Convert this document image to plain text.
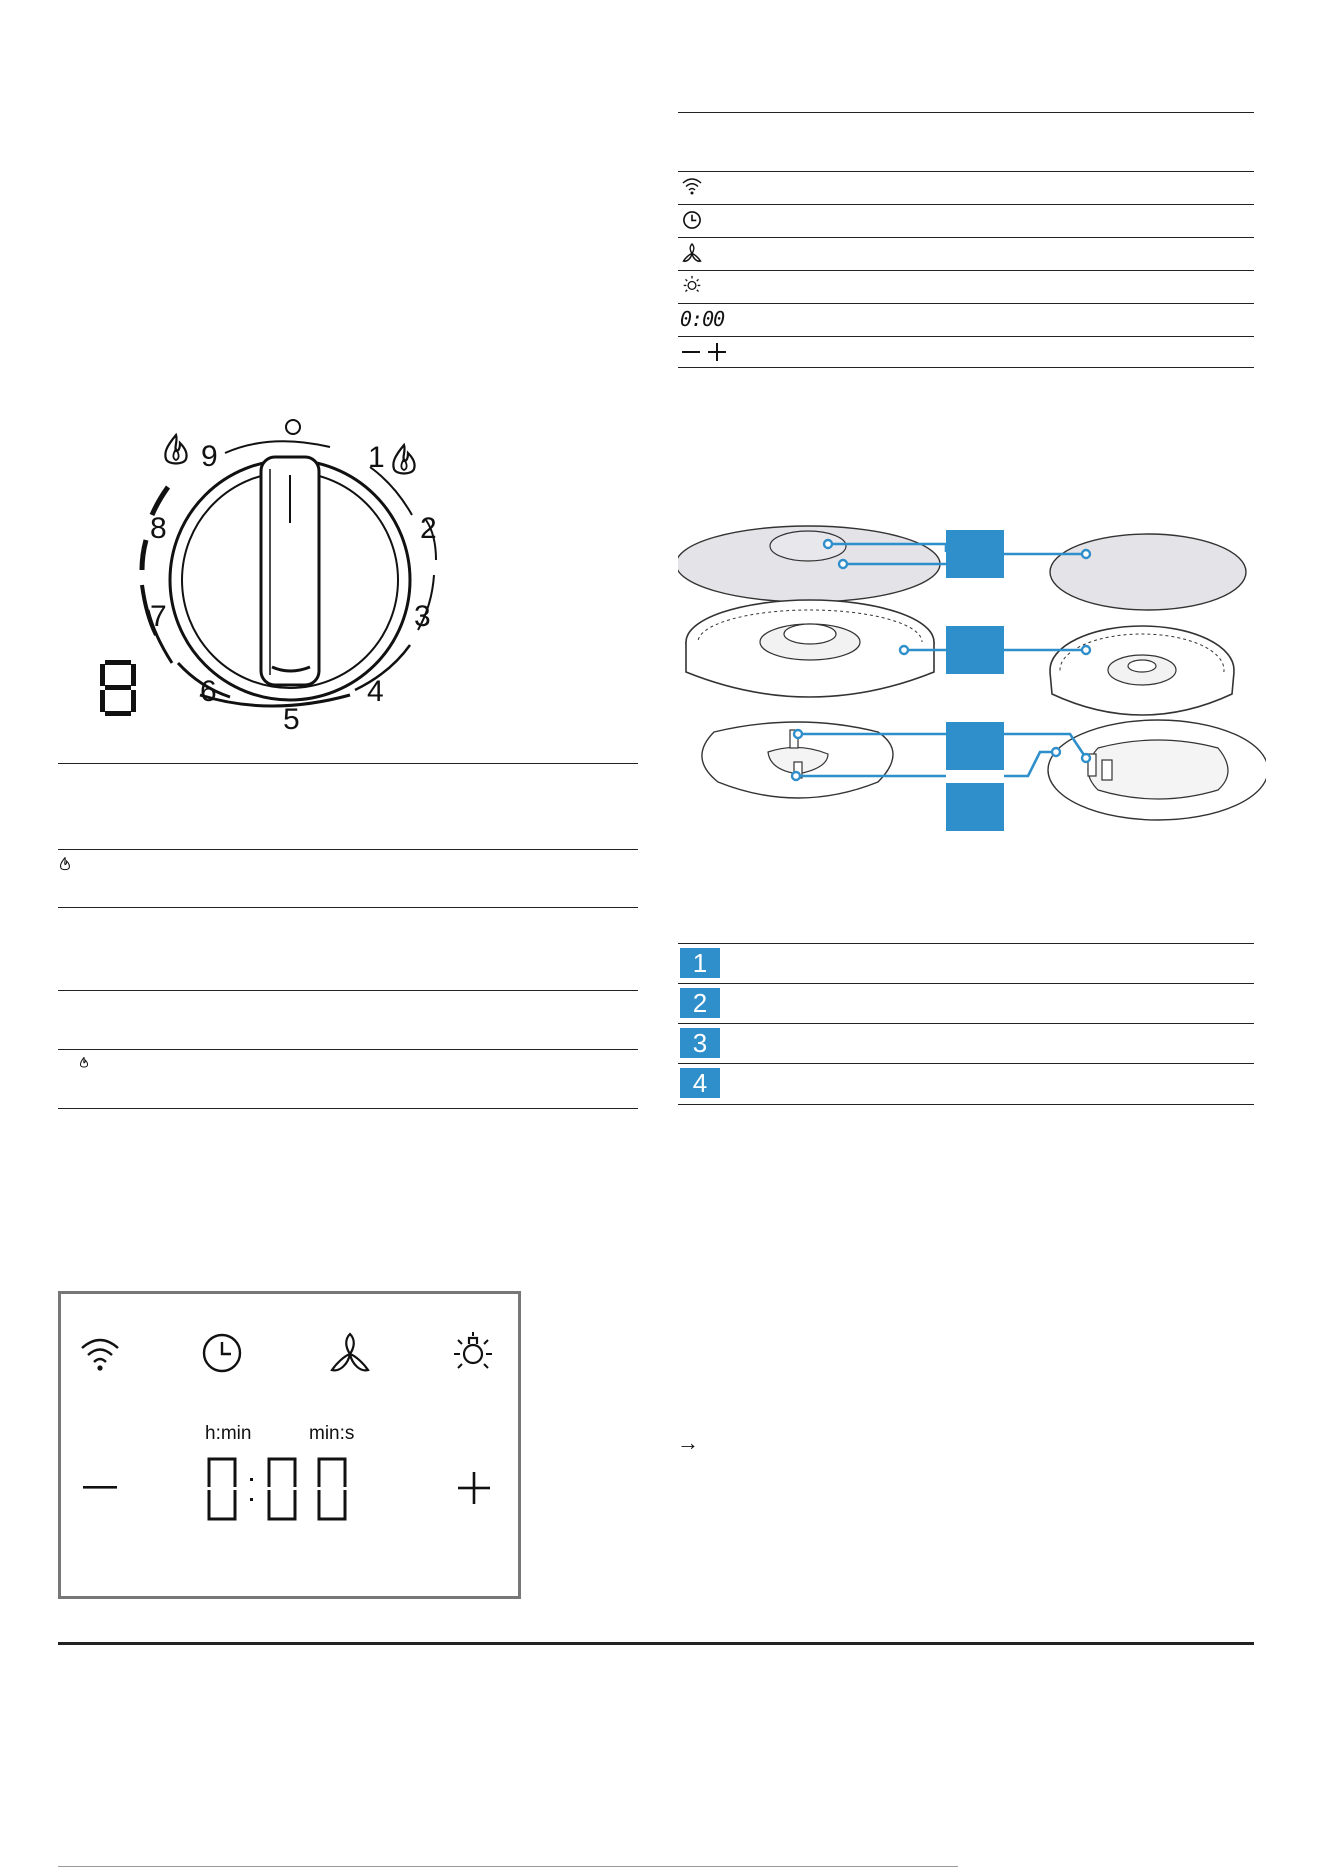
9	1
8	2
7	3
6	4
5
h:min	min:s
0:00
1
2
3
4
→
